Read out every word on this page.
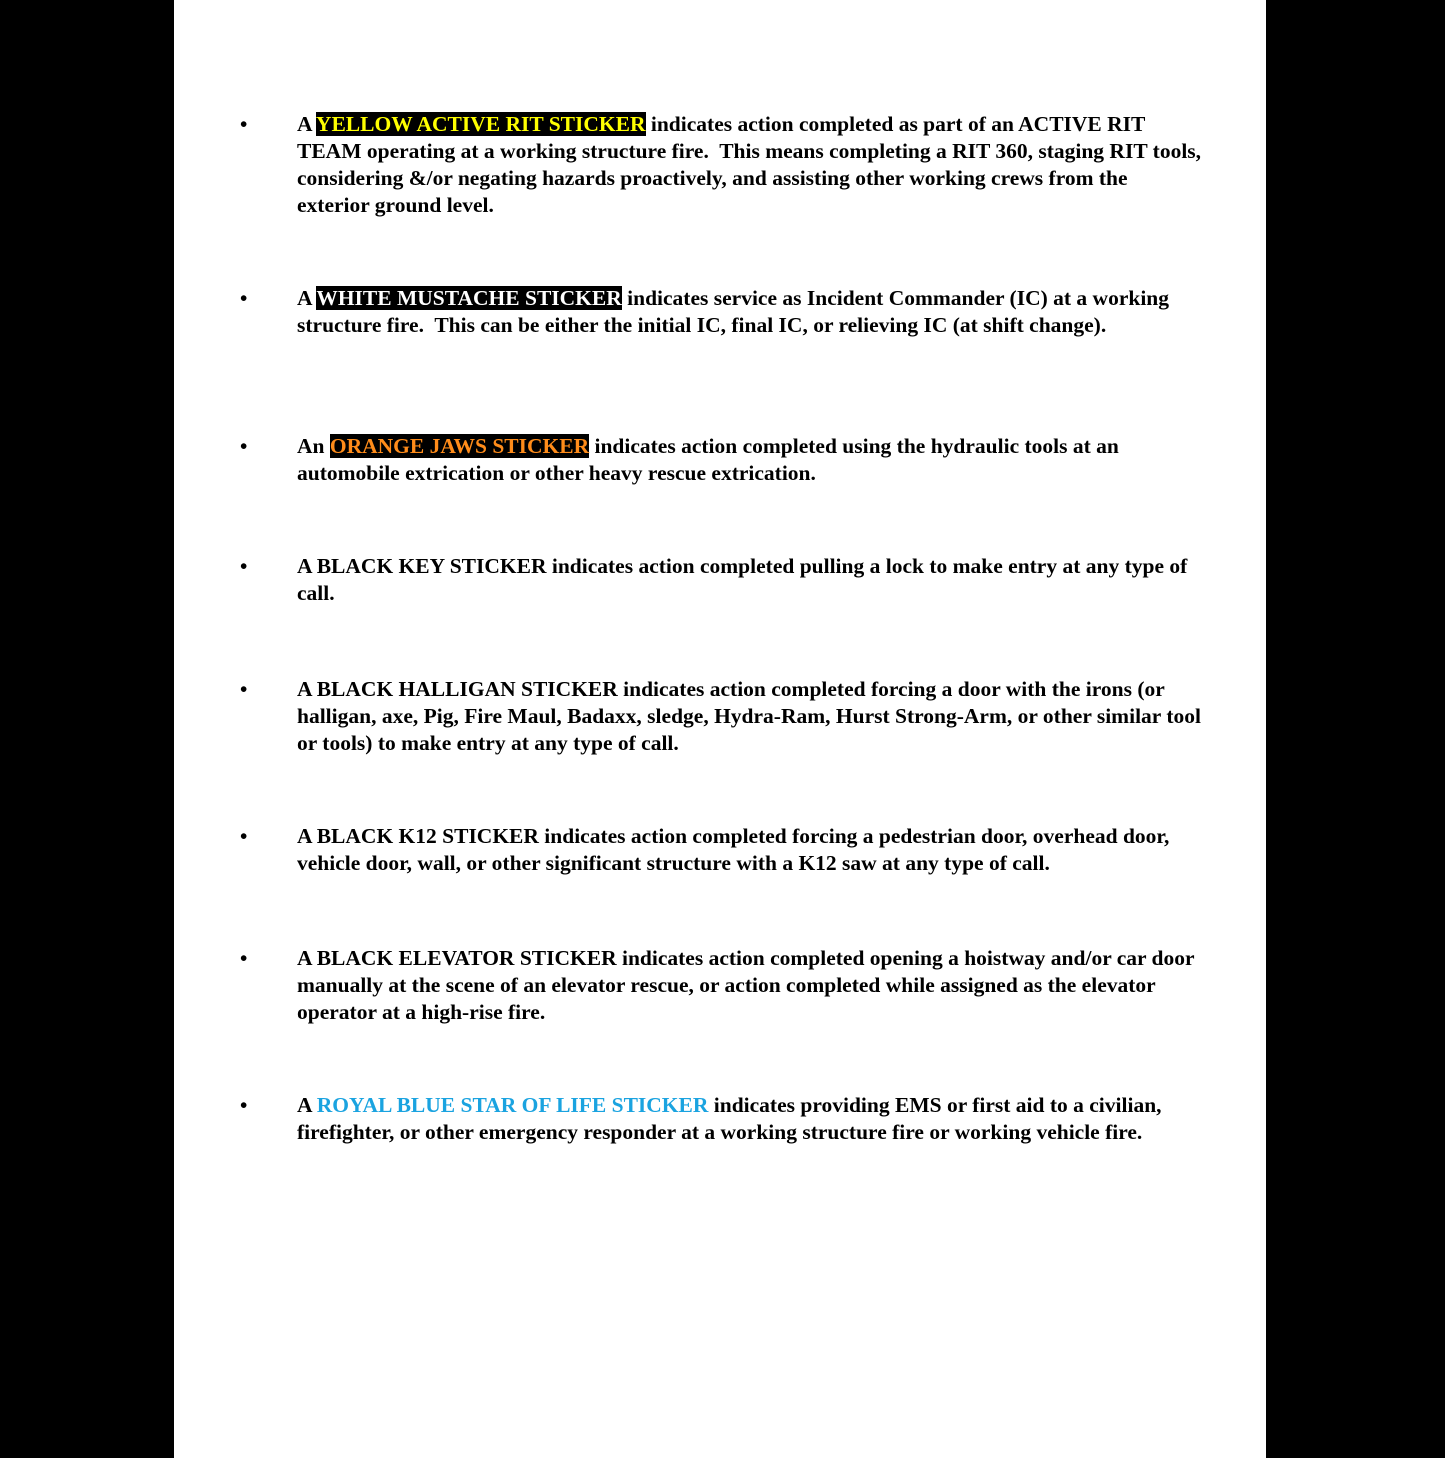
• A YELLOW ACTIVE RIT STICKER indicates action completed as part of an ACTIVE RIT TEAM operating at a working structure fire.  This means completing a RIT 360, staging RIT tools, considering &/or negating hazards proactively, and assisting other working crews from the exterior ground level.
• A WHITE MUSTACHE STICKER indicates service as Incident Commander (IC) at a working structure fire.  This can be either the initial IC, final IC, or relieving IC (at shift change).
• An ORANGE JAWS STICKER indicates action completed using the hydraulic tools at an automobile extrication or other heavy rescue extrication.
• A BLACK KEY STICKER indicates action completed pulling a lock to make entry at any type of call.
• A BLACK HALLIGAN STICKER indicates action completed forcing a door with the irons (or halligan, axe, Pig, Fire Maul, Badaxx, sledge, Hydra-Ram, Hurst Strong-Arm, or other similar tool or tools) to make entry at any type of call.
• A BLACK K12 STICKER indicates action completed forcing a pedestrian door, overhead door, vehicle door, wall, or other significant structure with a K12 saw at any type of call.
• A BLACK ELEVATOR STICKER indicates action completed opening a hoistway and/or car door manually at the scene of an elevator rescue, or action completed while assigned as the elevator operator at a high-rise fire.
• A ROYAL BLUE STAR OF LIFE STICKER indicates providing EMS or first aid to a civilian, firefighter, or other emergency responder at a working structure fire or working vehicle fire.
